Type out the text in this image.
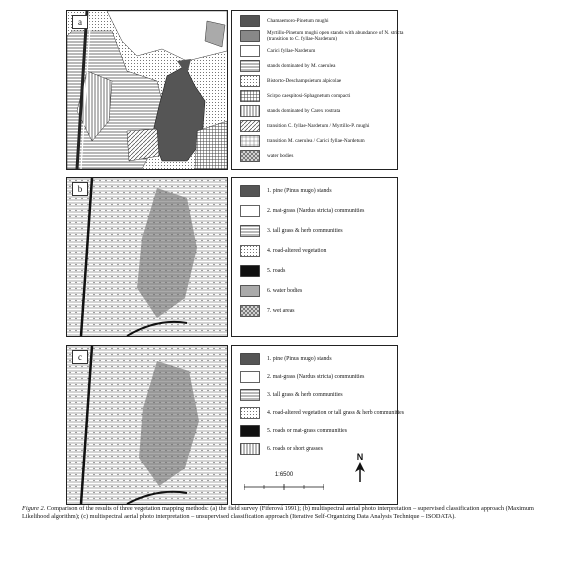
a	Chamaemoro-Pinetum mughi
Myrtillo-Pinetum mughi open stands with abundance of N. stricta (transition to C. fyllae-Nardetum)
Carici fyllae-Nardetum
stands dominated by M. caerulea
Bistorto-Deschampsietum alpicolae
Scirpo caespitosi-Sphagnetum compacti
stands dominated by Carex rostrata
transition C. fyllae-Nardetum / Myrtillo-P. mughi
transition M. caerulea / Carici fyllae-Nardetum
water bodies
b	1. pine (Pinus mugo) stands
2. mat-grass (Nardus stricta) communities
3. tall grass & herb communities
4. road-altered vegetation
5. roads
6. water bodies
7. wet areas
c	1. pine (Pinus mugo) stands
2. mat-grass (Nardus stricta) communities
3. tall grass & herb communities
4. road-altered vegetation or tall grass & herb communities
5. roads or mat-grass communities
6. roads or short grasses
N
1:6500
Figure 2. Comparison of the results of three vegetation mapping methods: (a) the field survey (Fiferová 1991); (b) multispectral aerial photo interpretation – supervised classification approach (Maximum Likelihood algorithm); (c) multispectral aerial photo interpretation – unsupervised classification approach (Iterative Self-Organizing Data Analysis Technique – ISODATA).
